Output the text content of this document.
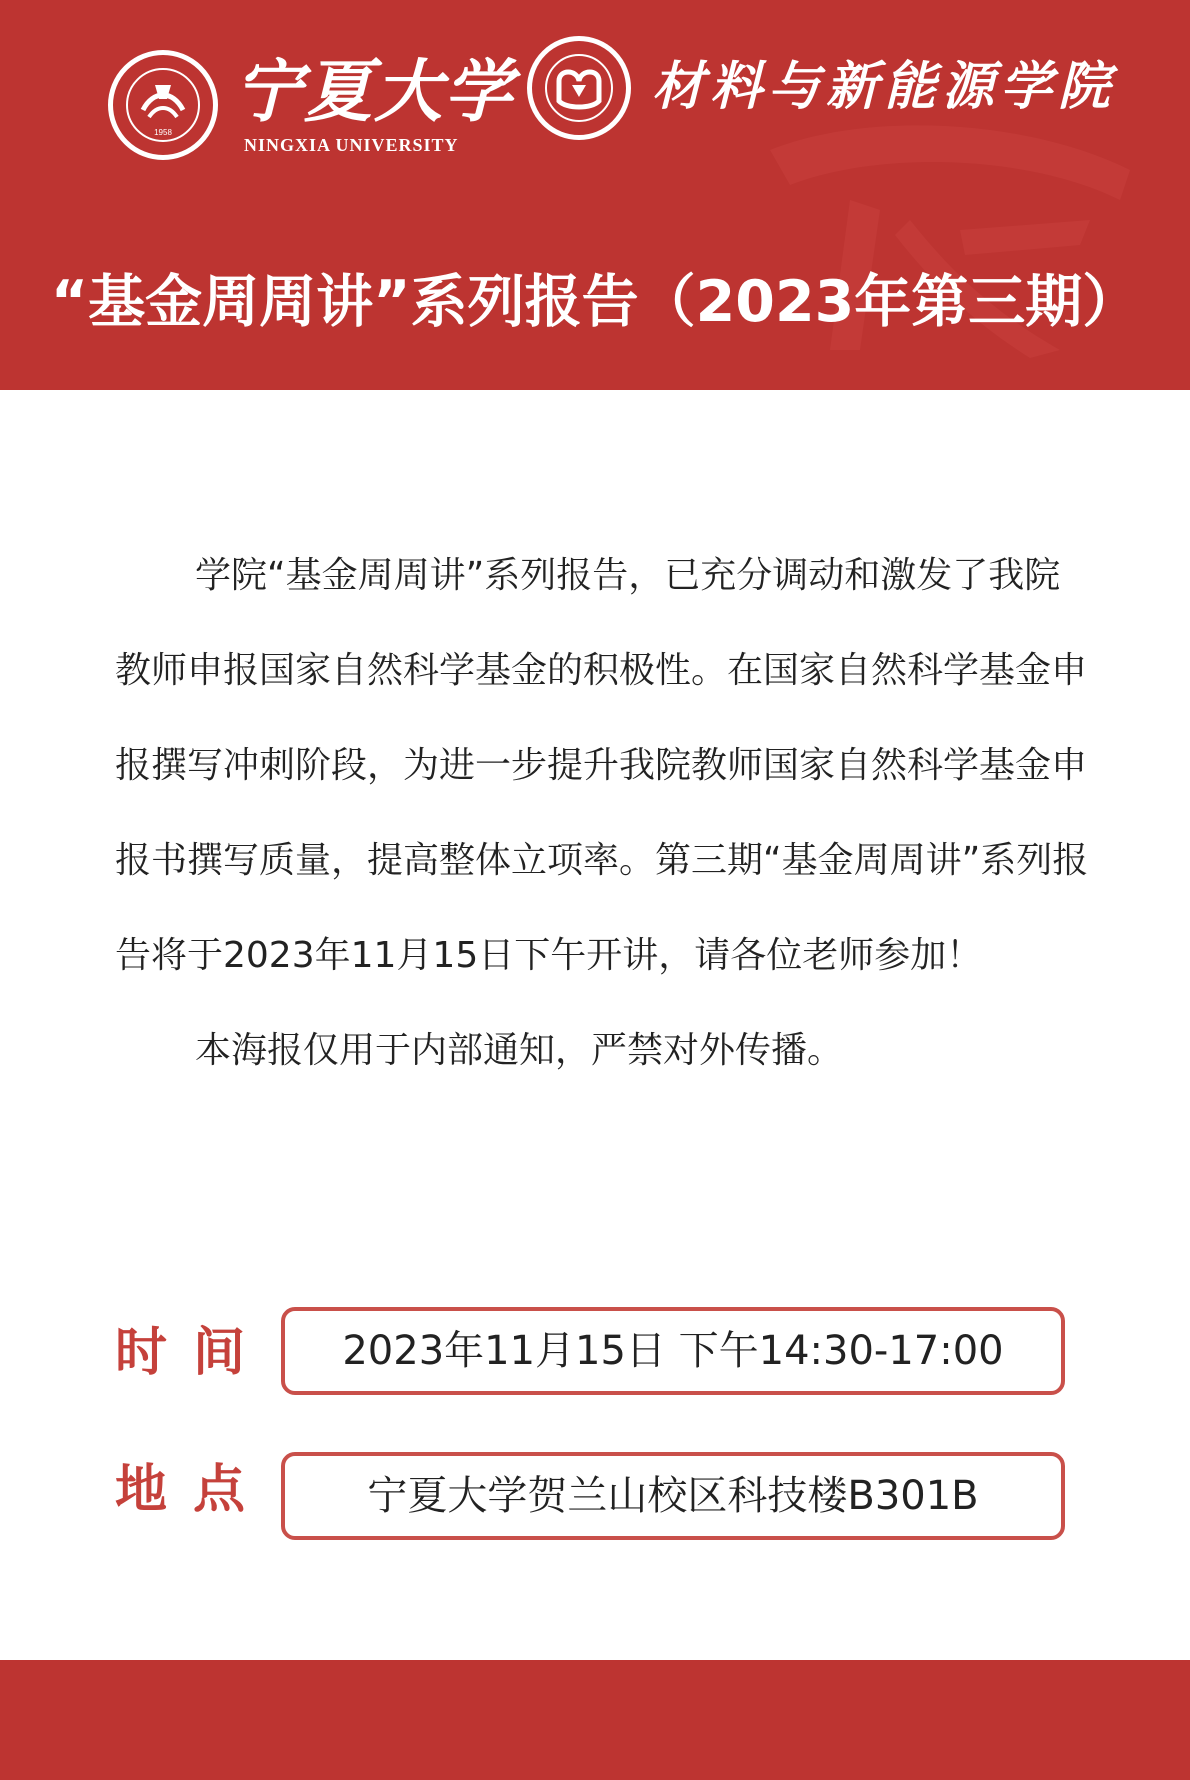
1958
宁夏大学
NINGXIA UNIVERSITY
材料与新能源学院
“基金周周讲”系列报告（2023年第三期）

学院“基金周周讲”系列报告，已充分调动和激发了我院教师申报国家自然科学基金的积极性。在国家自然科学基金申报撰写冲刺阶段，为进一步提升我院教师国家自然科学基金申报书撰写质量，提高整体立项率。第三期“基金周周讲”系列报告将于2023年11月15日下午开讲，请各位老师参加！

本海报仅用于内部通知，严禁对外传播。

时间	2023年11月15日 下午14:30-17:00
地点	宁夏大学贺兰山校区科技楼B301B
